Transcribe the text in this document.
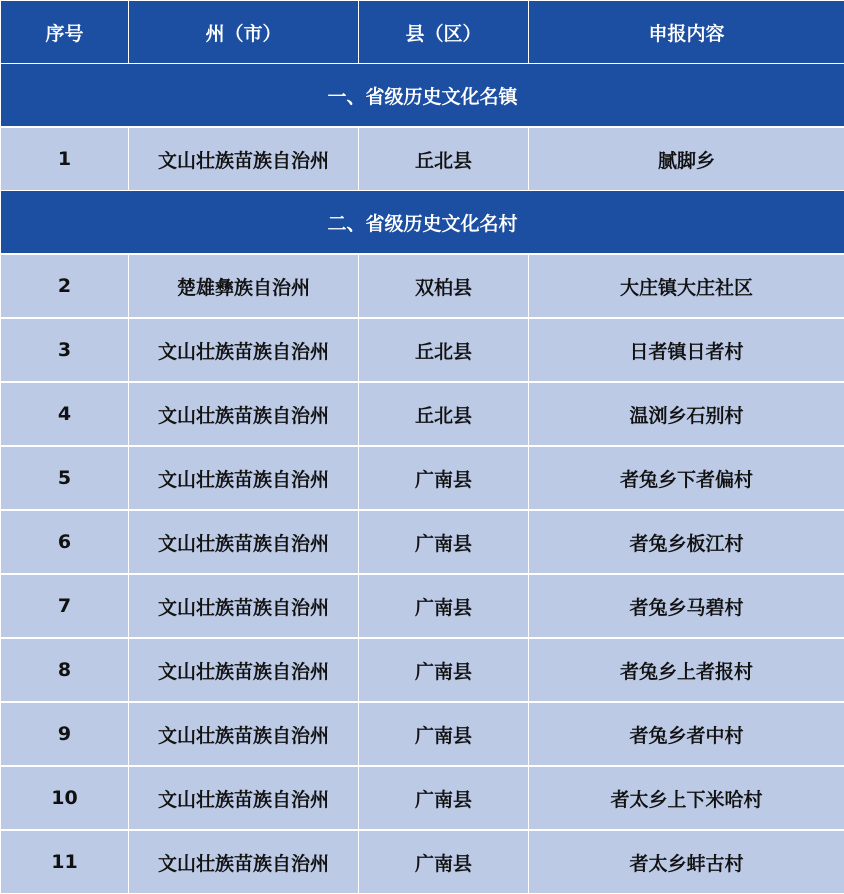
序号	州（市）	县（区）	申报内容
一、省级历史文化名镇			
1	文山壮族苗族自治州	丘北县	腻脚乡
二、省级历史文化名村			
2	楚雄彝族自治州	双柏县	大庄镇大庄社区
3	文山壮族苗族自治州	丘北县	日者镇日者村
4	文山壮族苗族自治州	丘北县	温浏乡石别村
5	文山壮族苗族自治州	广南县	者兔乡下者偏村
6	文山壮族苗族自治州	广南县	者兔乡板江村
7	文山壮族苗族自治州	广南县	者兔乡马碧村
8	文山壮族苗族自治州	广南县	者兔乡上者报村
9	文山壮族苗族自治州	广南县	者兔乡者中村
10	文山壮族苗族自治州	广南县	者太乡上下米哈村
11	文山壮族苗族自治州	广南县	者太乡蚌古村
